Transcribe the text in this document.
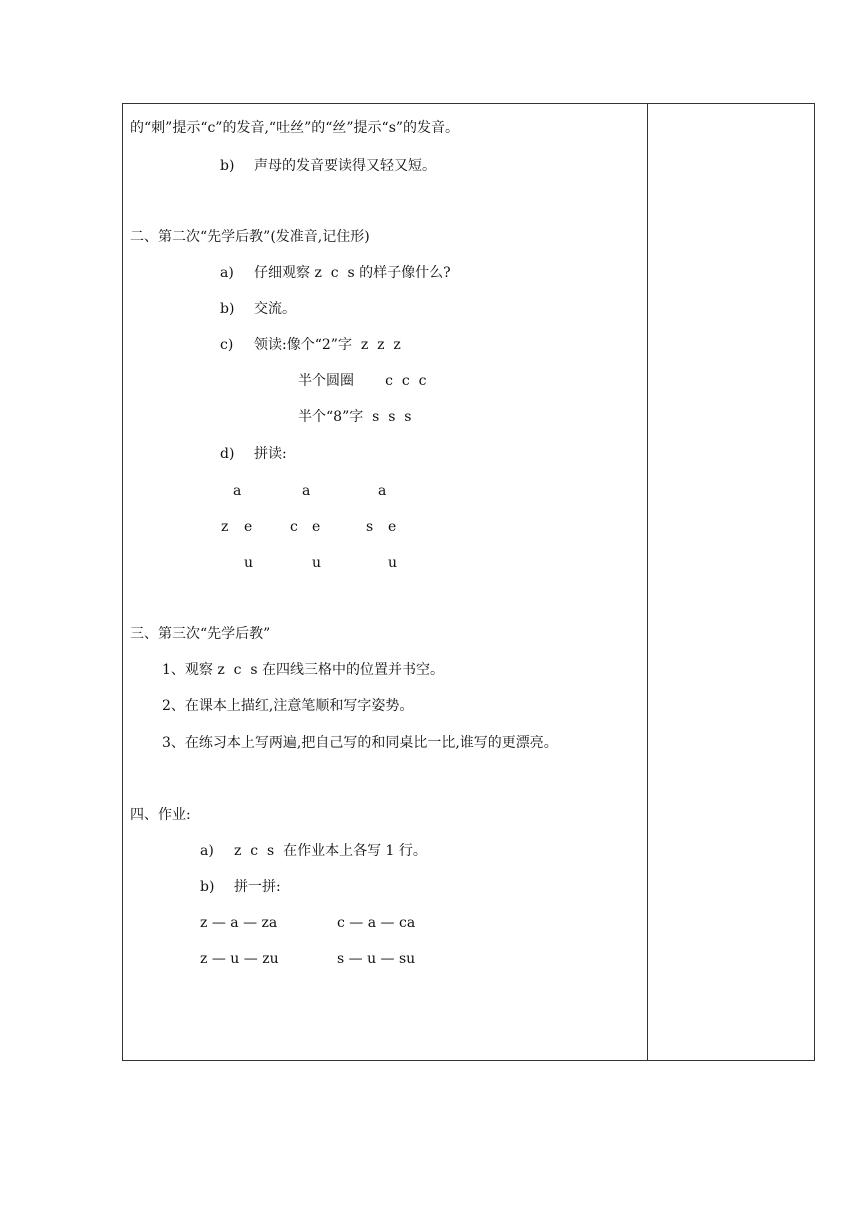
的“刺”提示“c”的发音,“吐丝”的“丝”提示“s”的发音。
b) 声母的发音要读得又轻又短。
二、第二次“先学后教”(发准音,记住形)
a) 仔细观察 z  c  s 的样子像什么?
b) 交流。
c) 领读:像个“2”字  z  z  z
半个圆圈       c  c  c
半个“8”字  s  s  s
d) 拼读:
a	a	a
z e	c e	s e
u	u	u
三、第三次“先学后教”
1、观察 z  c  s 在四线三格中的位置并书空。
2、在课本上描红,注意笔顺和写字姿势。
3、在练习本上写两遍,把自己写的和同桌比一比,谁写的更漂亮。
四、作业:
a) z  c  s  在作业本上各写 1 行。
b) 拼一拼:
z — a — za	c — a — ca
z — u — zu	s — u — su
